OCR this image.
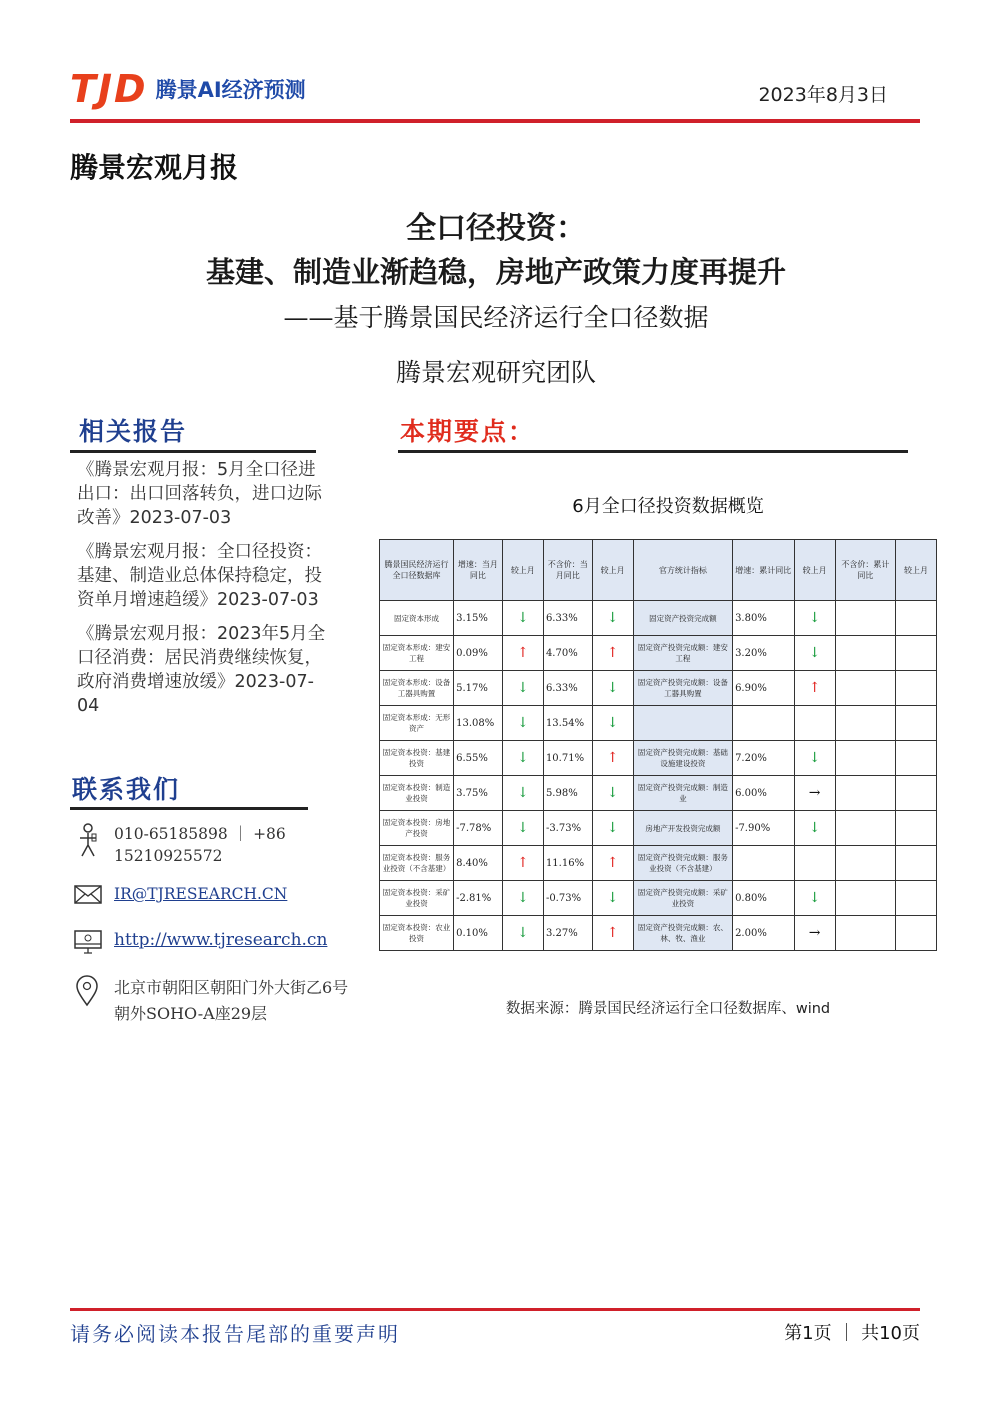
TJD 腾景AI经济预测	2023年8月3日
腾景宏观月报
全口径投资：
基建、制造业渐趋稳，房地产政策力度再提升
——基于腾景国民经济运行全口径数据
腾景宏观研究团队
相关报告

《腾景宏观月报：5月全口径进出口：出口回落转负，进口边际改善》2023-07-03

《腾景宏观月报：全口径投资：基建、制造业总体保持稳定，投资单月增速趋缓》2023-07-03

《腾景宏观月报：2023年5月全口径消费：居民消费继续恢复，政府消费增速放缓》2023-07-04

联系我们
010-65185898 ｜ +86 15210925572
IR@TJRESEARCH.CN
http://www.tjresearch.cn
北京市朝阳区朝阳门外大街乙6号朝外SOHO-A座29层
本期要点：
6月全口径投资数据概览
腾景国民经济运行全口径数据库	增速：当月同比	较上月	不含价：当月同比	较上月	官方统计指标	增速：累计同比	较上月	不含价：累计同比	较上月
固定资本形成	3.15%	↓	6.33%	↓	固定资产投资完成额	3.80%	↓		
固定资本形成：建安工程	0.09%	↑	4.70%	↑	固定资产投资完成额：建安工程	3.20%	↓		
固定资本形成：设备工器具购置	5.17%	↓	6.33%	↓	固定资产投资完成额：设备工器具购置	6.90%	↑		
固定资本形成：无形资产	13.08%	↓	13.54%	↓					
固定资本投资：基建投资	6.55%	↓	10.71%	↑	固定资产投资完成额：基础设施建设投资	7.20%	↓		
固定资本投资：制造业投资	3.75%	↓	5.98%	↓	固定资产投资完成额：制造业	6.00%	→		
固定资本投资：房地产投资	-7.78%	↓	-3.73%	↓	房地产开发投资完成额	-7.90%	↓		
固定资本投资：服务业投资（不含基建）	8.40%	↑	11.16%	↑	固定资产投资完成额：服务业投资（不含基建）				
固定资本投资：采矿业投资	-2.81%	↓	-0.73%	↓	固定资产投资完成额：采矿业投资	0.80%	↓		
固定资本投资：农业投资	0.10%	↓	3.27%	↑	固定资产投资完成额：农、林、牧、渔业	2.00%	→		
数据来源：腾景国民经济运行全口径数据库、wind
请务必阅读本报告尾部的重要声明	第1页 ｜ 共10页
